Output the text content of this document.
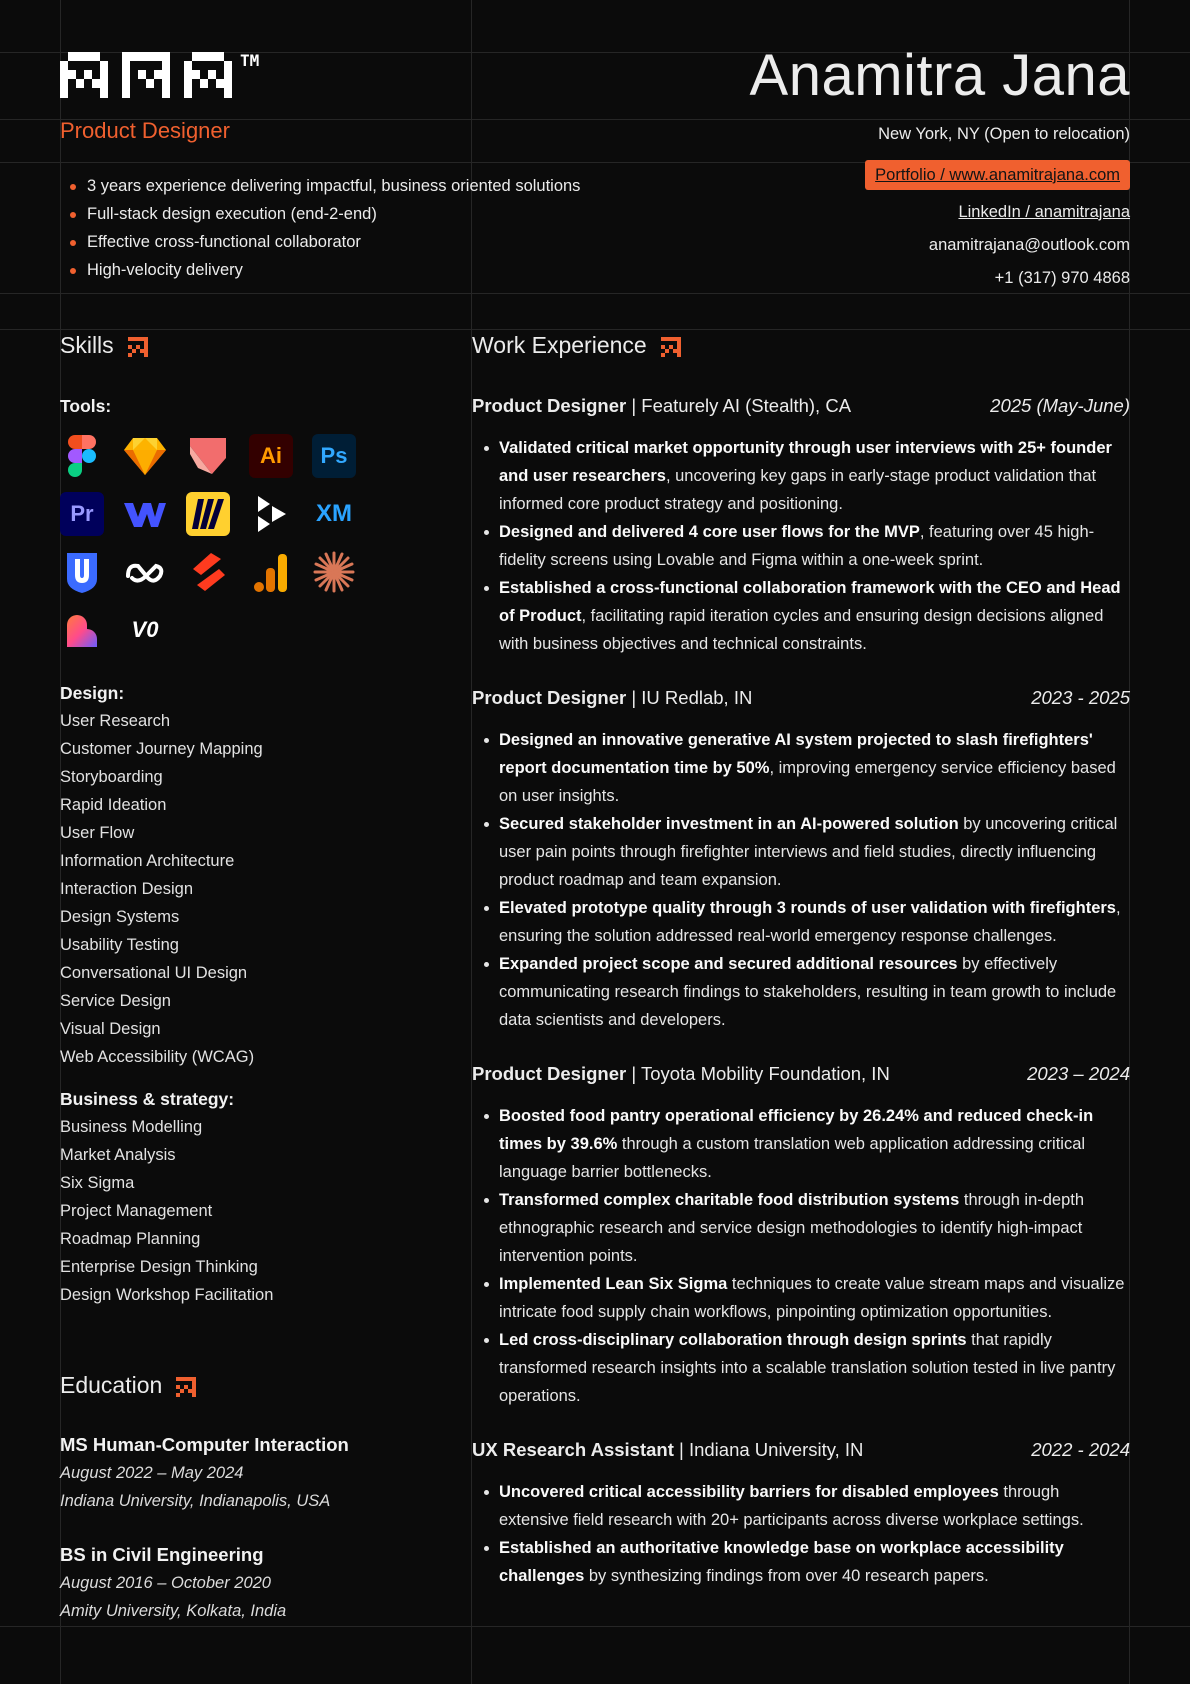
TM
Product Designer
Anamitra Jana
3 years experience delivering impactful, business oriented solutions
Full-stack design execution (end-2-end)
Effective cross-functional collaborator
High-velocity delivery
New York, NY (Open to relocation)
Portfolio / www.anamitrajana.com
LinkedIn / anamitrajana
anamitrajana@outlook.com
+1 (317) 970 4868
Skills
Tools:
Ai	Ps
Pr	XM
V0
Design:
User Research
Customer Journey Mapping
Storyboarding
Rapid Ideation
User Flow
Information Architecture
Interaction Design
Design Systems
Usability Testing
Conversational UI Design
Service Design
Visual Design
Web Accessibility (WCAG)
Business & strategy:
Business Modelling
Market Analysis
Six Sigma
Project Management
Roadmap Planning
Enterprise Design Thinking
Design Workshop Facilitation
Education
MS Human-Computer Interaction
August 2022 – May 2024
Indiana University, Indianapolis, USA
BS in Civil Engineering
August 2016 – October 2020
Amity University, Kolkata, India
Work Experience
Product Designer | Featurely AI (Stealth), CA	2025 (May-June)
Validated critical market opportunity through user interviews with 25+ founder and user researchers, uncovering key gaps in early-stage product validation that informed core product strategy and positioning.
Designed and delivered 4 core user flows for the MVP, featuring over 45 high-fidelity screens using Lovable and Figma within a one-week sprint.
Established a cross-functional collaboration framework with the CEO and Head of Product, facilitating rapid iteration cycles and ensuring design decisions aligned with business objectives and technical constraints.
Product Designer | IU Redlab, IN	2023 - 2025
Designed an innovative generative AI system projected to slash firefighters' report documentation time by 50%, improving emergency service efficiency based on user insights.
Secured stakeholder investment in an AI-powered solution by uncovering critical user pain points through firefighter interviews and field studies, directly influencing product roadmap and team expansion.
Elevated prototype quality through 3 rounds of user validation with firefighters, ensuring the solution addressed real-world emergency response challenges.
Expanded project scope and secured additional resources by effectively communicating research findings to stakeholders, resulting in team growth to include data scientists and developers.
Product Designer | Toyota Mobility Foundation, IN	2023 – 2024
Boosted food pantry operational efficiency by 26.24% and reduced check-in times by 39.6% through a custom translation web application addressing critical language barrier bottlenecks.
Transformed complex charitable food distribution systems through in-depth ethnographic research and service design methodologies to identify high-impact intervention points.
Implemented Lean Six Sigma techniques to create value stream maps and visualize intricate food supply chain workflows, pinpointing optimization opportunities.
Led cross-disciplinary collaboration through design sprints that rapidly transformed research insights into a scalable translation solution tested in live pantry operations.
UX Research Assistant | Indiana University, IN	2022 - 2024
Uncovered critical accessibility barriers for disabled employees through extensive field research with 20+ participants across diverse workplace settings.
Established an authoritative knowledge base on workplace accessibility challenges by synthesizing findings from over 40 research papers.
